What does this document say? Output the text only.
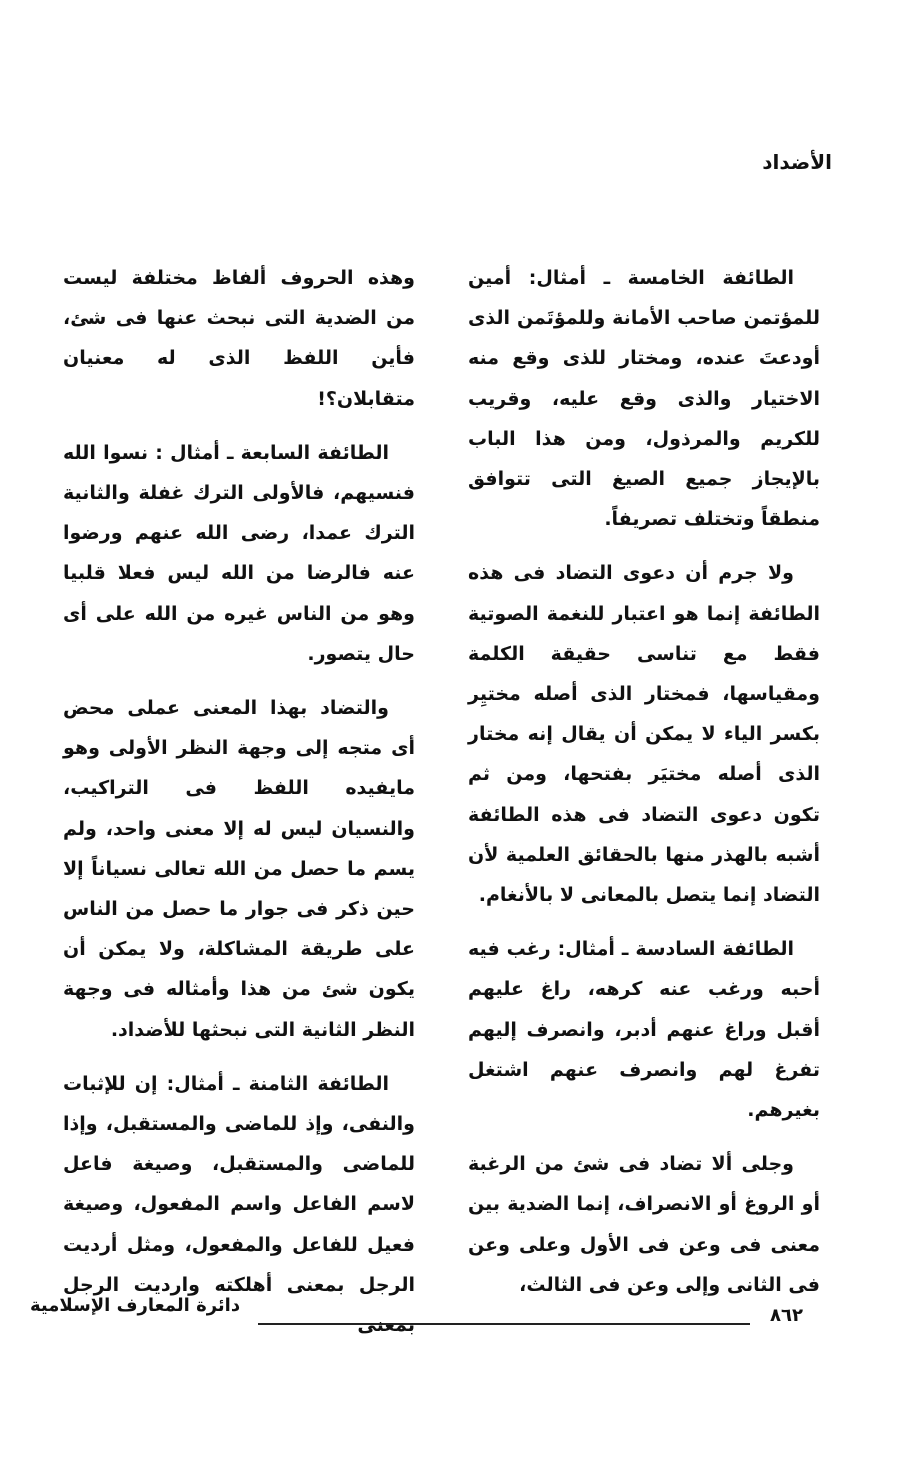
الأضداد

الطائفة الخامسة ـ أمثال: أمين للمؤتمن صاحب الأمانة وللمؤتَمن الذى أودعتَ عنده، ومختار للذى وقع منه الاختيار والذى وقع عليه، وقريب للكريم والمرذول، ومن هذا الباب بالإيجاز جميع الصيغ التى تتوافق منطقاً وتختلف تصريفاً.

ولا جرم أن دعوى التضاد فى هذه الطائفة إنما هو اعتبار للنغمة الصوتية فقط مع تناسى حقيقة الكلمة ومقياسها، فمختار الذى أصله مختيِر بكسر الياء لا يمكن أن يقال إنه مختار الذى أصله مختيَر بفتحها، ومن ثم تكون دعوى التضاد فى هذه الطائفة أشبه بالهذر منها بالحقائق العلمية لأن التضاد إنما يتصل بالمعانى لا بالأنغام.

الطائفة السادسة ـ أمثال: رغب فيه أحبه ورغب عنه كرهه، راغ عليهم أقبل وراغ عنهم أدبر، وانصرف إليهم تفرغ لهم وانصرف عنهم اشتغل بغيرهم.

وجلى ألا تضاد فى شئ من الرغبة أو الروغ أو الانصراف، إنما الضدية بين معنى فى وعن فى الأول وعلى وعن فى الثانى وإلى وعن فى الثالث،

وهذه الحروف ألفاظ مختلفة ليست من الضدية التى نبحث عنها فى شئ، فأين اللفظ الذى له معنيان متقابلان؟!

الطائفة السابعة ـ أمثال : نسوا الله فنسيهم، فالأولى الترك غفلة والثانية الترك عمدا، رضى الله عنهم ورضوا عنه فالرضا من الله ليس فعلا قلبيا وهو من الناس غيره من الله على أى حال يتصور.

والتضاد بهذا المعنى عملى محض أى متجه إلى وجهة النظر الأولى وهو مايفيده اللفظ فى التراكيب، والنسيان ليس له إلا معنى واحد، ولم يسم ما حصل من الله تعالى نسياناً إلا حين ذكر فى جوار ما حصل من الناس على طريقة المشاكلة، ولا يمكن أن يكون شئ من هذا وأمثاله فى وجهة النظر الثانية التى نبحثها للأضداد.

الطائفة الثامنة ـ أمثال: إن للإثبات والنفى، وإذ للماضى والمستقبل، وإذا للماضى والمستقبل، وصيغة فاعل لاسم الفاعل واسم المفعول، وصيغة فعيل للفاعل والمفعول، ومثل أرديت الرجل بمعنى أهلكته وارديت الرجل بمعنى	٨٦٢
دائرة المعارف الإسلامية
